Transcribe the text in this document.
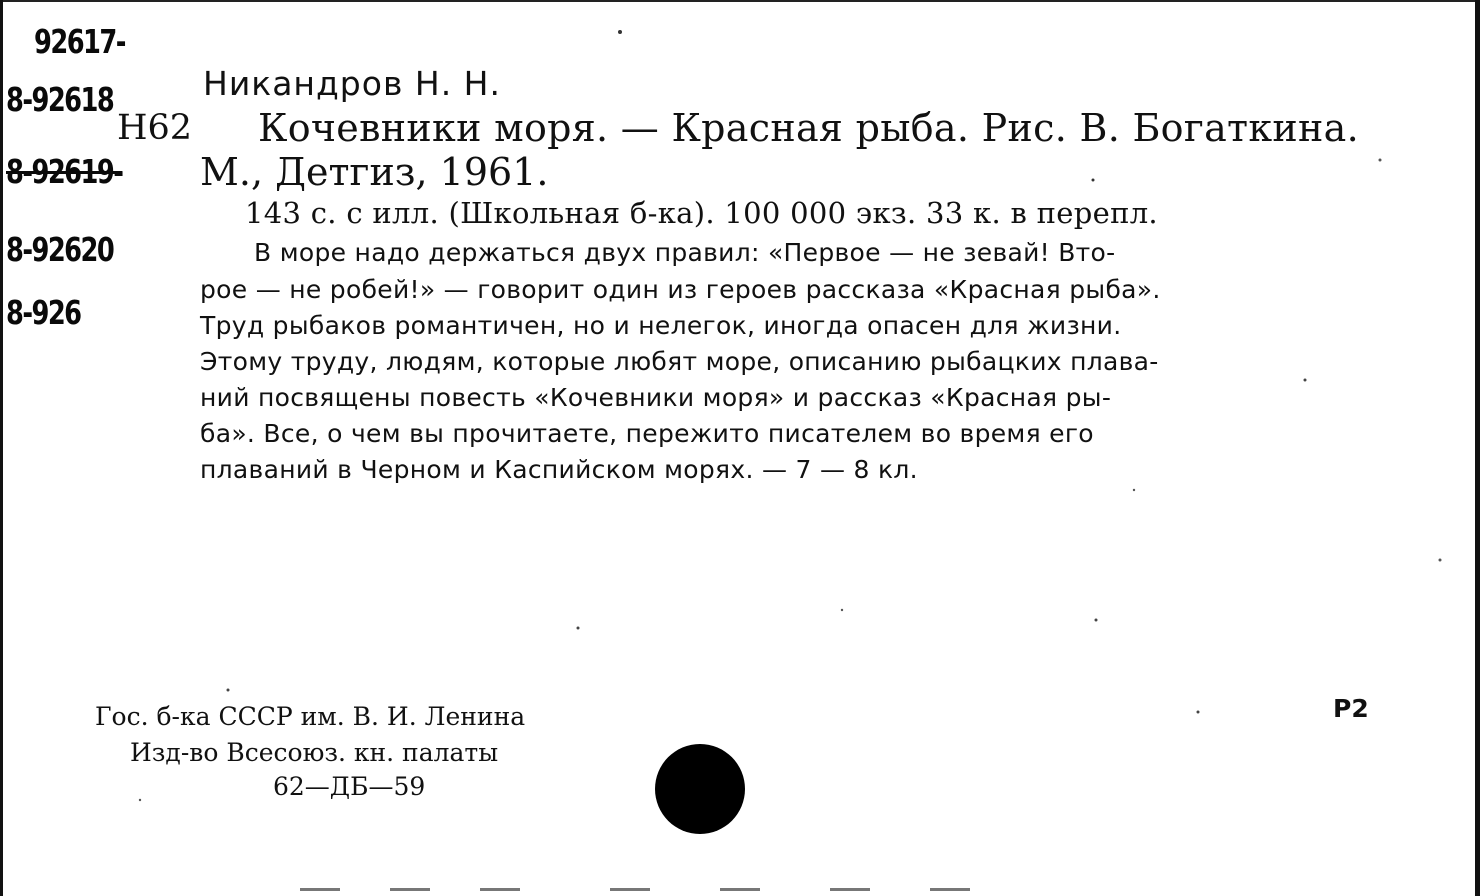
92617-
8-92618
8-92619-
8-92620
8-926
Никандров Н. Н.
Н62 Кочевники моря. — Красная рыба. Рис. В. Богаткина.
М., Детгиз, 1961.
143 с. с илл. (Школьная б-ка). 100 000 экз. 33 к. в перепл.
В море надо держаться двух правил: «Первое — не зевай! Вто-
рое — не робей!» — говорит один из героев рассказа «Красная рыба».
Труд рыбаков романтичен, но и нелегок, иногда опасен для жизни.
Этому труду, людям, которые любят море, описанию рыбацких плава-
ний посвящены повесть «Кочевники моря» и рассказ «Красная ры-
ба». Все, о чем вы прочитаете, пережито писателем во время его
плаваний в Черном и Каспийском морях. — 7 — 8 кл.
Гос. б-ка СССР им. В. И. Ленина
Изд-во Всесоюз. кн. палаты
62—ДБ—59
Р2
